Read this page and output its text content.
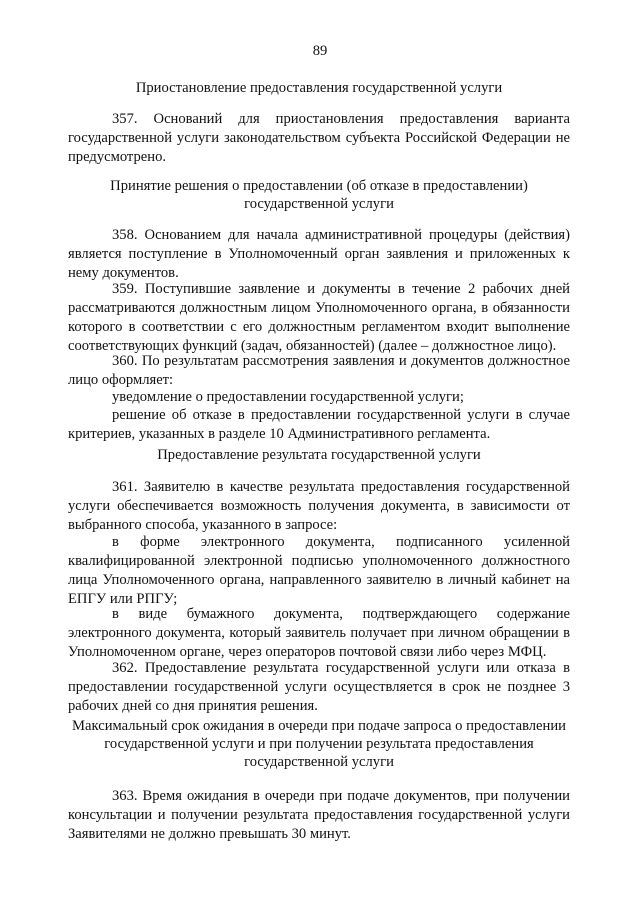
89

Приостановление предоставления государственной услуги

357. Оснований для приостановления предоставления варианта государственной услуги законодательством субъекта Российской Федерации не предусмотрено.

Принятие решения о предоставлении (об отказе в предоставлении)

государственной услуги

358. Основанием для начала административной процедуры (действия) является поступление в Уполномоченный орган заявления и приложенных к нему документов.

359. Поступившие заявление и документы в течение 2 рабочих дней рассматриваются должностным лицом Уполномоченного органа, в обязанности которого в соответствии с его должностным регламентом входит выполнение соответствующих функций (задач, обязанностей) (далее – должностное лицо).

360. По результатам рассмотрения заявления и документов должностное лицо оформляет:

уведомление о предоставлении государственной услуги;

решение об отказе в предоставлении государственной услуги в случае критериев, указанных в разделе 10 Административного регламента.

Предоставление результата государственной услуги

361. Заявителю в качестве результата предоставления государственной услуги обеспечивается возможность получения документа, в зависимости от выбранного способа, указанного в запросе:

в форме электронного документа, подписанного усиленной квалифицированной электронной подписью уполномоченного должностного лица Уполномоченного органа, направленного заявителю в личный кабинет на ЕПГУ или РПГУ;

в виде бумажного документа, подтверждающего содержание электронного документа, который заявитель получает при личном обращении в Уполномоченном органе, через операторов почтовой связи либо через МФЦ.

362. Предоставление результата государственной услуги или отказа в предоставлении государственной услуги осуществляется в срок не позднее 3 рабочих дней со дня принятия решения.

Максимальный срок ожидания в очереди при подаче запроса о предоставлении

государственной услуги и при получении результата предоставления

государственной услуги

363. Время ожидания в очереди при подаче документов, при получении консультации и получении результата предоставления государственной услуги Заявителями не должно превышать 30 минут.
